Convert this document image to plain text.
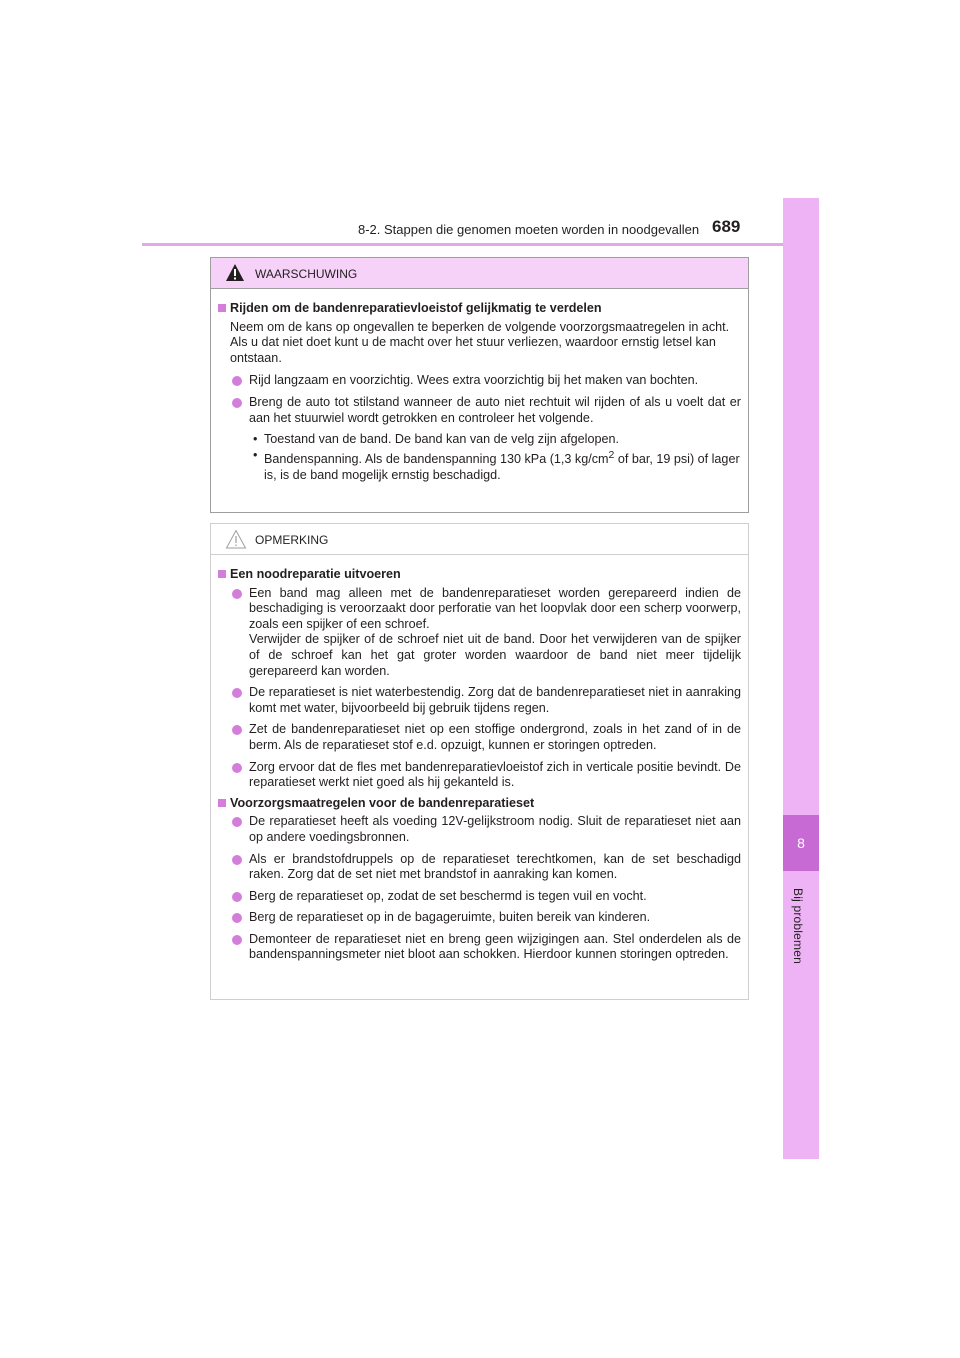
8-2. Stappen die genomen moeten worden in noodgevallen 689
8
Bij problemen
WAARSCHUWING
Rijden om de bandenreparatievloeistof gelijkmatig te verdelen
Neem om de kans op ongevallen te beperken de volgende voorzorgsmaatregelen in acht.
Als u dat niet doet kunt u de macht over het stuur verliezen, waardoor ernstig letsel kan ontstaan.
Rijd langzaam en voorzichtig. Wees extra voorzichtig bij het maken van bochten.
Breng de auto tot stilstand wanneer de auto niet rechtuit wil rijden of als u voelt dat er aan het stuurwiel wordt getrokken en controleer het volgende.
• Toestand van de band. De band kan van de velg zijn afgelopen.
• Bandenspanning. Als de bandenspanning 130 kPa (1,3 $kg/cm^2$ of bar, 19 psi) of lager is, is de band mogelijk ernstig beschadigd.
OPMERKING
Een noodreparatie uitvoeren
Een band mag alleen met de bandenreparatieset worden gerepareerd indien de beschadiging is veroorzaakt door perforatie van het loopvlak door een scherp voorwerp, zoals een spijker of een schroef.
Verwijder de spijker of de schroef niet uit de band. Door het verwijderen van de spijker of de schroef kan het gat groter worden waardoor de band niet meer tijdelijk gerepareerd kan worden.
De reparatieset is niet waterbestendig. Zorg dat de bandenreparatieset niet in aanraking komt met water, bijvoorbeeld bij gebruik tijdens regen.
Zet de bandenreparatieset niet op een stoffige ondergrond, zoals in het zand of in de berm. Als de reparatieset stof e.d. opzuigt, kunnen er storingen optreden.
Zorg ervoor dat de fles met bandenreparatievloeistof zich in verticale positie bevindt. De reparatieset werkt niet goed als hij gekanteld is.
Voorzorgsmaatregelen voor de bandenreparatieset
De reparatieset heeft als voeding 12V-gelijkstroom nodig. Sluit de reparatieset niet aan op andere voedingsbronnen.
Als er brandstofdruppels op de reparatieset terechtkomen, kan de set beschadigd raken. Zorg dat de set niet met brandstof in aanraking kan komen.
Berg de reparatieset op, zodat de set beschermd is tegen vuil en vocht.
Berg de reparatieset op in de bagageruimte, buiten bereik van kinderen.
Demonteer de reparatieset niet en breng geen wijzigingen aan. Stel onderdelen als de bandenspanningsmeter niet bloot aan schokken. Hierdoor kunnen storingen optreden.
